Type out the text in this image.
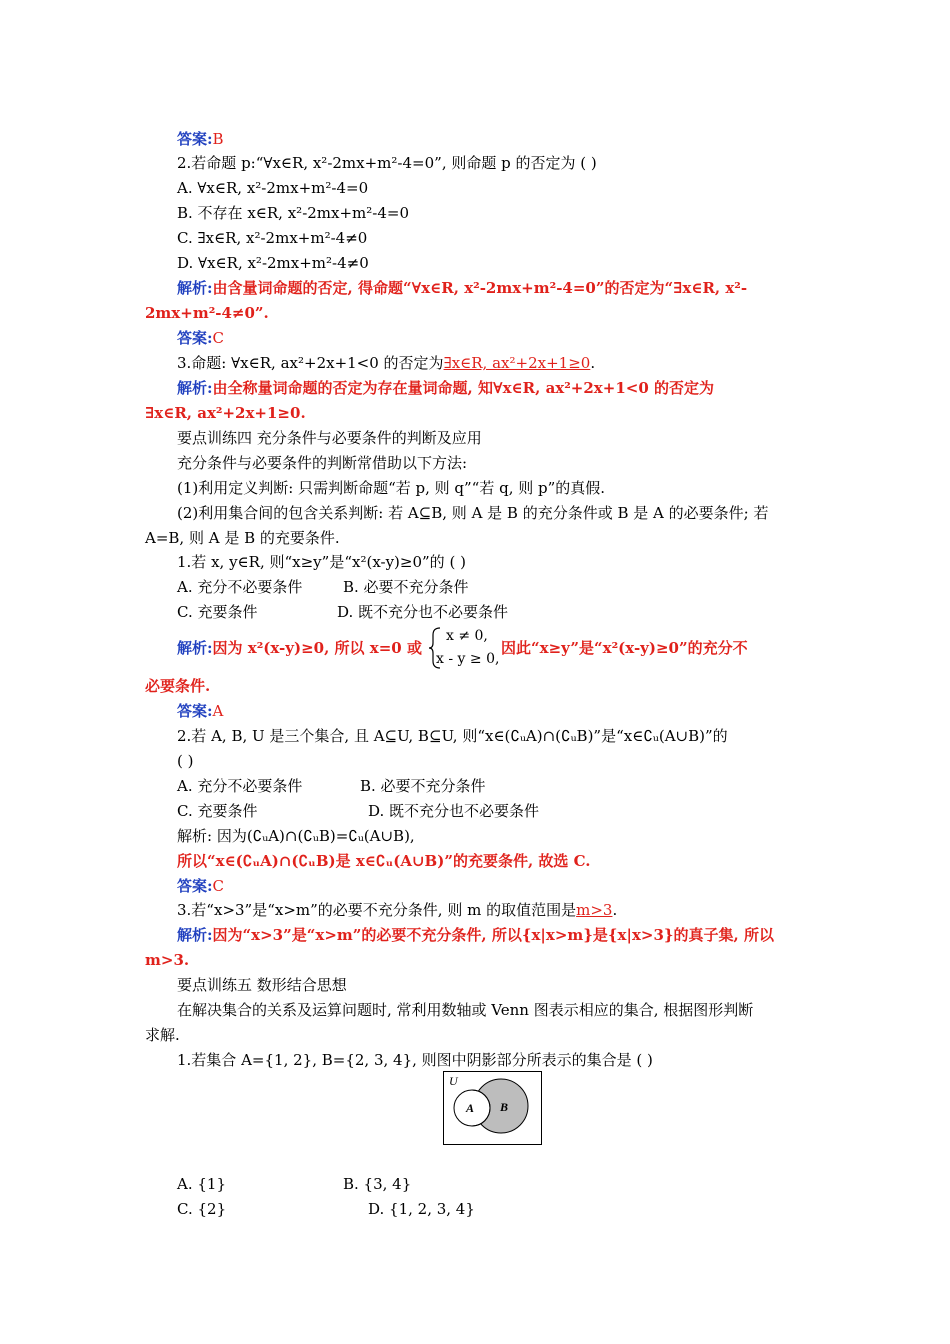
答案:B
2.若命题 p:“∀x∈R, x²-2mx+m²-4=0”, 则命题 p 的否定为 ( )
A. ∀x∈R, x²-2mx+m²-4=0
B. 不存在 x∈R, x²-2mx+m²-4=0
C. ∃x∈R, x²-2mx+m²-4≠0
D. ∀x∈R, x²-2mx+m²-4≠0
解析:由含量词命题的否定, 得命题“∀x∈R, x²-2mx+m²-4=0”的否定为“∃x∈R, x²-
2mx+m²-4≠0”.
答案:C
3.命题: ∀x∈R, ax²+2x+1<0 的否定为∃x∈R, ax²+2x+1≥0.
解析:由全称量词命题的否定为存在量词命题, 知∀x∈R, ax²+2x+1<0 的否定为
∃x∈R, ax²+2x+1≥0.
要点训练四 充分条件与必要条件的判断及应用
充分条件与必要条件的判断常借助以下方法:
(1)利用定义判断: 只需判断命题“若 p, 则 q”“若 q, 则 p”的真假.
(2)利用集合间的包含关系判断: 若 A⊆B, 则 A 是 B 的充分条件或 B 是 A 的必要条件; 若
A=B, 则 A 是 B 的充要条件.
1.若 x, y∈R, 则“x≥y”是“x²(x-y)≥0”的 ( )
A. 充分不必要条件	B. 必要不充分条件
C. 充要条件	D. 既不充分也不必要条件
解析:因为 x²(x-y)≥0, 所以 x=0 或
x ≠ 0,
x - y ≥ 0,
因此“x≥y”是“x²(x-y)≥0”的充分不
必要条件.
答案:A
2.若 A, B, U 是三个集合, 且 A⊆U, B⊆U, 则“x∈(∁ᵤA)∩(∁ᵤB)”是“x∈∁ᵤ(A∪B)”的
( )
A. 充分不必要条件	B. 必要不充分条件
C. 充要条件	D. 既不充分也不必要条件
解析: 因为(∁ᵤA)∩(∁ᵤB)=∁ᵤ(A∪B),
所以“x∈(∁ᵤA)∩(∁ᵤB)是 x∈∁ᵤ(A∪B)”的充要条件, 故选 C.
答案:C
3.若“x>3”是“x>m”的必要不充分条件, 则 m 的取值范围是m>3.
解析:因为“x>3”是“x>m”的必要不充分条件, 所以{x|x>m}是{x|x>3}的真子集, 所以
m>3.
要点训练五 数形结合思想
在解决集合的关系及运算问题时, 常利用数轴或 Venn 图表示相应的集合, 根据图形判断
求解.
1.若集合 A={1, 2}, B={2, 3, 4}, 则图中阴影部分所表示的集合是 ( )
U
A B
A. {1}	B. {3, 4}
C. {2}	D. {1, 2, 3, 4}
